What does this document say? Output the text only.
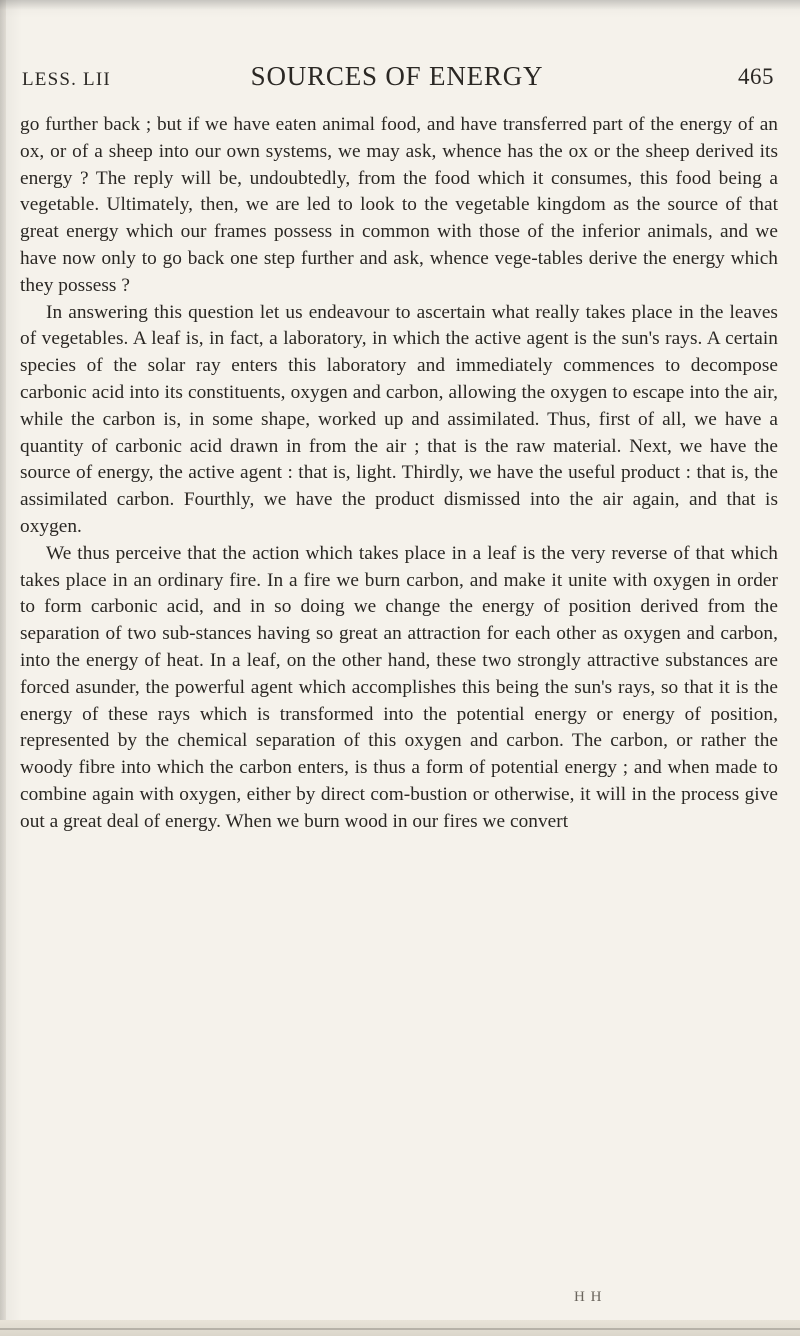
LESS. LII	SOURCES OF ENERGY	465

go further back ; but if we have eaten animal food, and have transferred part of the energy of an ox, or of a sheep into our own systems, we may ask, whence has the ox or the sheep derived its energy ? The reply will be, undoubtedly, from the food which it consumes, this food being a vegetable. Ultimately, then, we are led to look to the vegetable kingdom as the source of that great energy which our frames possess in common with those of the inferior animals, and we have now only to go back one step further and ask, whence vege-tables derive the energy which they possess ?

In answering this question let us endeavour to ascertain what really takes place in the leaves of vegetables. A leaf is, in fact, a laboratory, in which the active agent is the sun's rays. A certain species of the solar ray enters this laboratory and immediately commences to decompose carbonic acid into its constituents, oxygen and carbon, allowing the oxygen to escape into the air, while the carbon is, in some shape, worked up and assimilated. Thus, first of all, we have a quantity of carbonic acid drawn in from the air ; that is the raw material. Next, we have the source of energy, the active agent : that is, light. Thirdly, we have the useful product : that is, the assimilated carbon. Fourthly, we have the product dismissed into the air again, and that is oxygen.

We thus perceive that the action which takes place in a leaf is the very reverse of that which takes place in an ordinary fire. In a fire we burn carbon, and make it unite with oxygen in order to form carbonic acid, and in so doing we change the energy of position derived from the separation of two sub-stances having so great an attraction for each other as oxygen and carbon, into the energy of heat. In a leaf, on the other hand, these two strongly attractive substances are forced asunder, the powerful agent which accomplishes this being the sun's rays, so that it is the energy of these rays which is transformed into the potential energy or energy of position, represented by the chemical separation of this oxygen and carbon. The carbon, or rather the woody fibre into which the carbon enters, is thus a form of potential energy ; and when made to combine again with oxygen, either by direct com-bustion or otherwise, it will in the process give out a great deal of energy. When we burn wood in our fires we convert

H H
